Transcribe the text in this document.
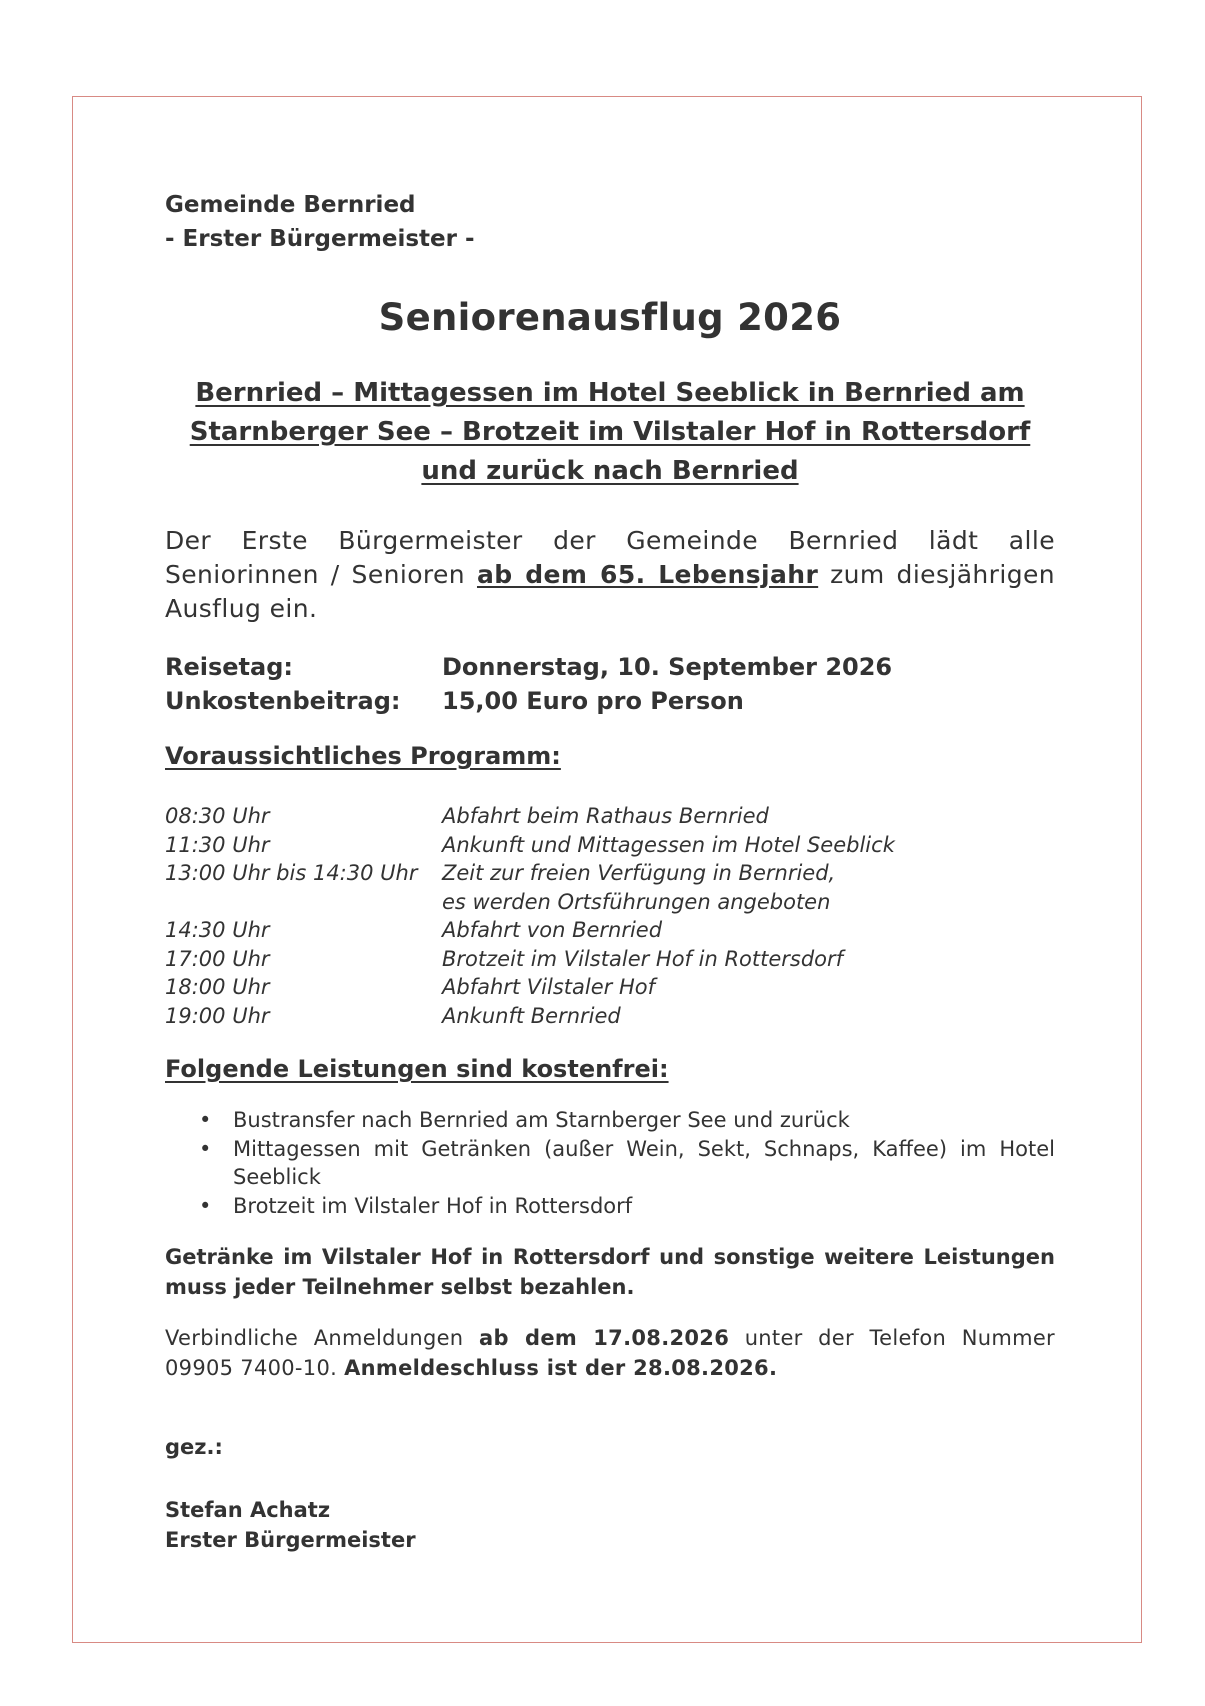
Gemeinde Bernried
- Erster Bürgermeister -
Seniorenausflug 2026
Bernried – Mittagessen im Hotel Seeblick in Bernried am Starnberger See – Brotzeit im Vilstaler Hof in Rottersdorf und zurück nach Bernried
Der Erste Bürgermeister der Gemeinde Bernried lädt alle Seniorinnen / Senioren ab dem 65. Lebensjahr zum diesjährigen Ausflug ein.
Reisetag:	Donnerstag, 10. September 2026
Unkostenbeitrag:	15,00 Euro pro Person
Voraussichtliches Programm:
08:30 Uhr	Abfahrt beim Rathaus Bernried
11:30 Uhr	Ankunft und Mittagessen im Hotel Seeblick
13:00 Uhr bis 14:30 Uhr	Zeit zur freien Verfügung in Bernried,
es werden Ortsführungen angeboten
14:30 Uhr	Abfahrt von Bernried
17:00 Uhr	Brotzeit im Vilstaler Hof in Rottersdorf
18:00 Uhr	Abfahrt Vilstaler Hof
19:00 Uhr	Ankunft Bernried
Folgende Leistungen sind kostenfrei:
•	Bustransfer nach Bernried am Starnberger See und zurück
•	Mittagessen mit Getränken (außer Wein, Sekt, Schnaps, Kaffee) im Hotel Seeblick
•	Brotzeit im Vilstaler Hof in Rottersdorf
Getränke im Vilstaler Hof in Rottersdorf und sonstige weitere Leistungen muss jeder Teilnehmer selbst bezahlen.
Verbindliche Anmeldungen ab dem 17.08.2026 unter der Telefon Nummer 09905 7400-10. Anmeldeschluss ist der 28.08.2026.
gez.:
Stefan Achatz
Erster Bürgermeister
